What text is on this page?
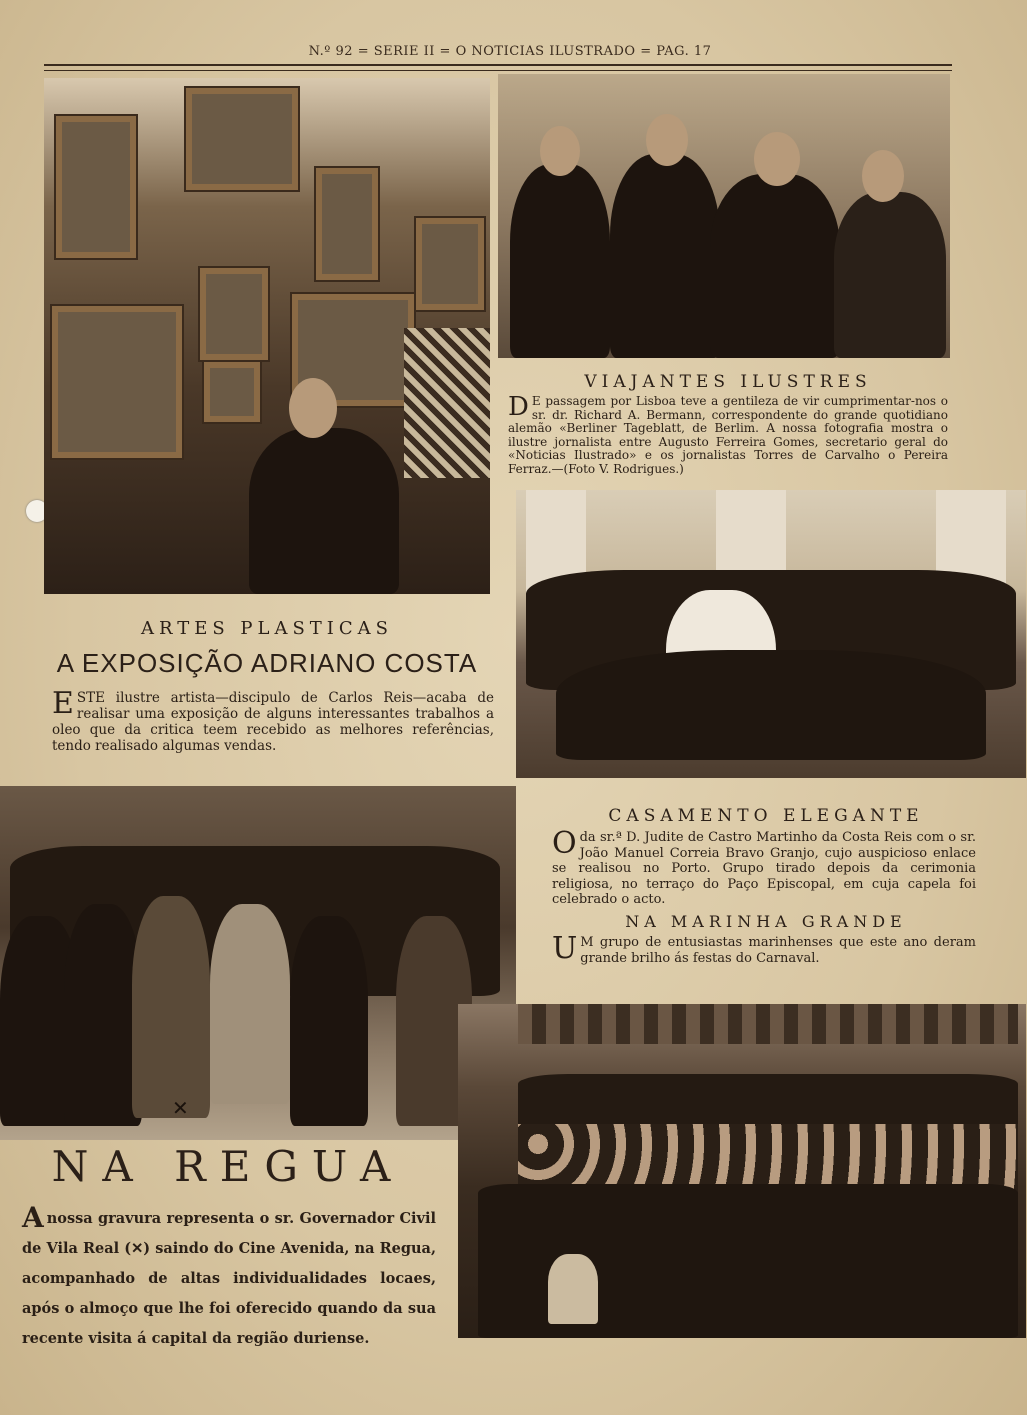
N.º 92 = SERIE II = O NOTICIAS ILUSTRADO = PAG. 17
ARTES PLASTICAS
A EXPOSIÇÃO ADRIANO COSTA
ESTE ilustre artista—discipulo de Carlos Reis—acaba de realisar uma exposição de alguns interessantes trabalhos a oleo que da critica teem recebido as melhores referências, tendo realisado algumas vendas.
VIAJANTES ILUSTRES
D E passagem por Lisboa teve a gentileza de vir cumprimentar-nos o sr. dr. Richard A. Bermann, correspondente do grande quotidiano alemão «Berliner Tageblatt, de Berlim. A nossa fotografia mostra o ilustre jornalista entre Augusto Ferreira Gomes, secretario geral do «Noticias Ilustrado» e os jornalistas Torres de Carvalho o Pereira Ferraz.—(Foto V. Rodrigues.)
CASAMENTO ELEGANTE
Oda sr.ª D. Judite de Castro Martinho da Costa Reis com o sr. João Manuel Correia Bravo Granjo, cujo auspicioso enlace se realisou no Porto. Grupo tirado depois da cerimonia religiosa, no terraço do Paço Episcopal, em cuja capela foi celebrado o acto.
NA MARINHA GRANDE
U M grupo de entusiastas marinhenses que este ano deram grande brilho ás festas do Carnaval.
✕
NA REGUA
Anossa gravura representa o sr. Governador Civil de Vila Real (✕) saindo do Cine Avenida, na Regua, acompanhado de altas individualidades locaes, após o almoço que lhe foi oferecido quando da sua recente visita á capital da região duriense.
